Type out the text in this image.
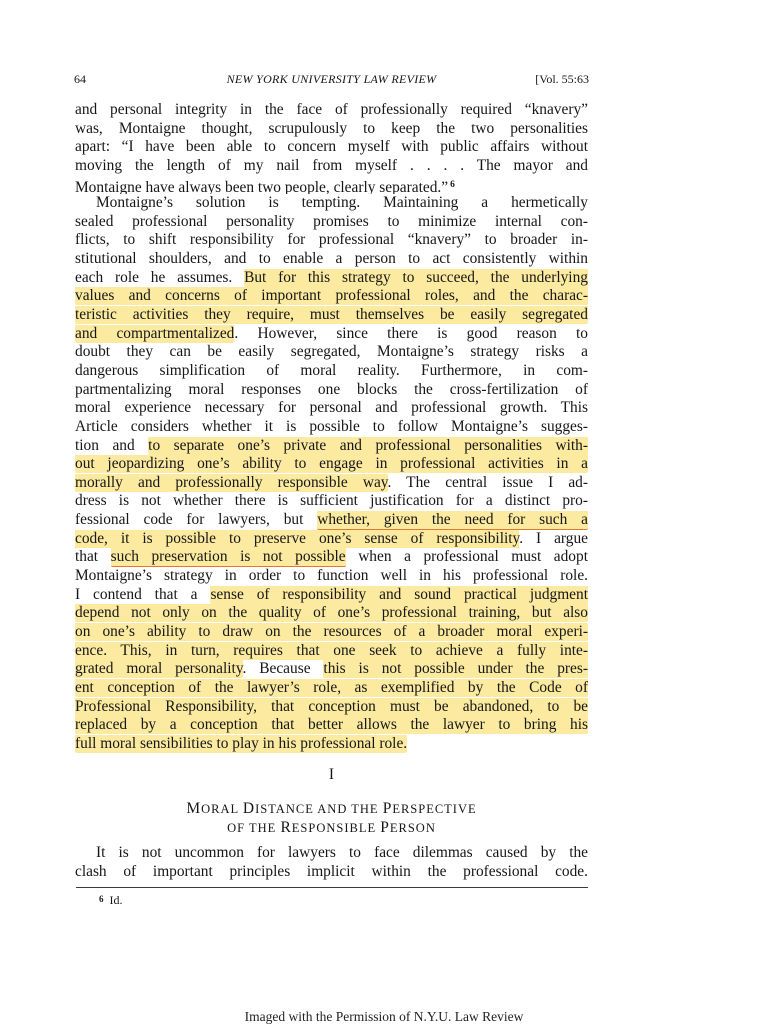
64	NEW YORK UNIVERSITY LAW REVIEW	[Vol. 55:63
and personal integrity in the face of professionally required “knavery”
was, Montaigne thought, scrupulously to keep the two personalities
apart: “I have been able to concern myself with public affairs without
moving the length of my nail from myself . . . . The mayor and
Montaigne have always been two people, clearly separated.” $^6$
Montaigne’s solution is tempting. Maintaining a hermetically
sealed professional personality promises to minimize internal con-
flicts, to shift responsibility for professional “knavery” to broader in-
stitutional shoulders, and to enable a person to act consistently within
each role he assumes. But for this strategy to succeed, the underlying
values and concerns of important professional roles, and the charac-
teristic activities they require, must themselves be easily segregated
and compartmentalized. However, since there is good reason to
doubt they can be easily segregated, Montaigne’s strategy risks a
dangerous simplification of moral reality. Furthermore, in com-
partmentalizing moral responses one blocks the cross-fertilization of
moral experience necessary for personal and professional growth. This
Article considers whether it is possible to follow Montaigne’s sugges-
tion and to separate one’s private and professional personalities with-
out jeopardizing one’s ability to engage in professional activities in a
morally and professionally responsible way. The central issue I ad-
dress is not whether there is sufficient justification for a distinct pro-
fessional code for lawyers, but whether, given the need for such a
code, it is possible to preserve one’s sense of responsibility. I argue
that such preservation is not possible when a professional must adopt
Montaigne’s strategy in order to function well in his professional role.
I contend that a sense of responsibility and sound practical judgment
depend not only on the quality of one’s professional training, but also
on one’s ability to draw on the resources of a broader moral experi-
ence. This, in turn, requires that one seek to achieve a fully inte-
grated moral personality. Because this is not possible under the pres-
ent conception of the lawyer’s role, as exemplified by the Code of
Professional Responsibility, that conception must be abandoned, to be
replaced by a conception that better allows the lawyer to bring his
full moral sensibilities to play in his professional role.
I
MORAL DISTANCE AND THE PERSPECTIVE
OF THE RESPONSIBLE PERSON
It is not uncommon for lawyers to face dilemmas caused by the
clash of important principles implicit within the professional code.
6 Id.
Imaged with the Permission of N.Y.U. Law Review
